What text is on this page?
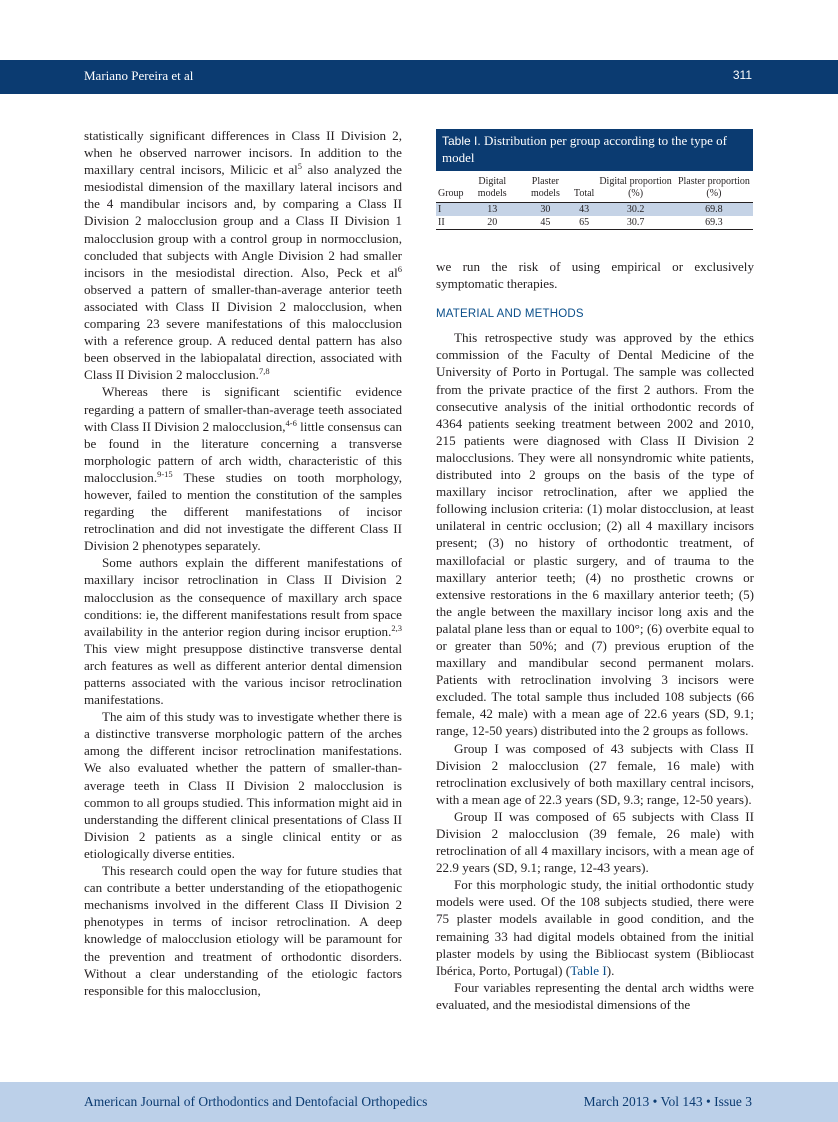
Mariano Pereira et al	311

statistically significant differences in Class II Division 2, when he observed narrower incisors. In addition to the maxillary central incisors, Milicic et $al^5$ also analyzed the mesiodistal dimension of the maxillary lateral incisors and the 4 mandibular incisors and, by comparing a Class II Division 2 malocclusion group and a Class II Division 1 malocclusion group with a control group in normocclusion, concluded that subjects with Angle Division 2 had smaller incisors in the mesiodistal direction. Also, Peck et $al^6$ observed a pattern of smaller-than-average anterior teeth associated with Class II Division 2 malocclusion, when comparing 23 severe manifestations of this malocclusion with a reference group. A reduced dental pattern has also been observed in the labiopalatal direction, associated with Class II Division 2 malocclusion.$^{7,8}$

Whereas there is significant scientific evidence regarding a pattern of smaller-than-average teeth associated with Class II Division 2 malocclusion,$^{4-6}$ little consensus can be found in the literature concerning a transverse morphologic pattern of arch width, characteristic of this malocclusion.$^{9-15}$ These studies on tooth morphology, however, failed to mention the constitution of the samples regarding the different manifestations of incisor retroclination and did not investigate the different Class II Division 2 phenotypes separately.

Some authors explain the different manifestations of maxillary incisor retroclination in Class II Division 2 malocclusion as the consequence of maxillary arch space conditions: ie, the different manifestations result from space availability in the anterior region during incisor eruption.$^{2,3}$ This view might presuppose distinctive transverse dental arch features as well as different anterior dental dimension patterns associated with the various incisor retroclination manifestations.

The aim of this study was to investigate whether there is a distinctive transverse morphologic pattern of the arches among the different incisor retroclination manifestations. We also evaluated whether the pattern of smaller-than-average teeth in Class II Division 2 malocclusion is common to all groups studied. This information might aid in understanding the different clinical presentations of Class II Division 2 patients as a single clinical entity or as etiologically diverse entities.

This research could open the way for future studies that can contribute a better understanding of the etiopathogenic mechanisms involved in the different Class II Division 2 phenotypes in terms of incisor retroclination. A deep knowledge of malocclusion etiology will be paramount for the prevention and treatment of orthodontic disorders. Without a clear understanding of the etiologic factors responsible for this malocclusion,

Table I. Distribution per group according to the type of model
Group	Digital models	Plaster models	Total	Digital proportion (%)	Plaster proportion (%)
I	13	30	43	30.2	69.8
II	20	45	65	30.7	69.3

we run the risk of using empirical or exclusively symptomatic therapies.

MATERIAL AND METHODS

This retrospective study was approved by the ethics commission of the Faculty of Dental Medicine of the University of Porto in Portugal. The sample was collected from the private practice of the first 2 authors. From the consecutive analysis of the initial orthodontic records of 4364 patients seeking treatment between 2002 and 2010, 215 patients were diagnosed with Class II Division 2 malocclusions. They were all nonsyndromic white patients, distributed into 2 groups on the basis of the type of maxillary incisor retroclination, after we applied the following inclusion criteria: (1) molar distocclusion, at least unilateral in centric occlusion; (2) all 4 maxillary incisors present; (3) no history of orthodontic treatment, of maxillofacial or plastic surgery, and of trauma to the maxillary anterior teeth; (4) no prosthetic crowns or extensive restorations in the 6 maxillary anterior teeth; (5) the angle between the maxillary incisor long axis and the palatal plane less than or equal to 100°; (6) overbite equal to or greater than 50%; and (7) previous eruption of the maxillary and mandibular second permanent molars. Patients with retroclination involving 3 incisors were excluded. The total sample thus included 108 subjects (66 female, 42 male) with a mean age of 22.6 years (SD, 9.1; range, 12-50 years) distributed into the 2 groups as follows.

Group I was composed of 43 subjects with Class II Division 2 malocclusion (27 female, 16 male) with retroclination exclusively of both maxillary central incisors, with a mean age of 22.3 years (SD, 9.3; range, 12-50 years).

Group II was composed of 65 subjects with Class II Division 2 malocclusion (39 female, 26 male) with retroclination of all 4 maxillary incisors, with a mean age of 22.9 years (SD, 9.1; range, 12-43 years).

For this morphologic study, the initial orthodontic study models were used. Of the 108 subjects studied, there were 75 plaster models available in good condition, and the remaining 33 had digital models obtained from the initial plaster models by using the Bibliocast system (Bibliocast Ibérica, Porto, Portugal) (Table I).

Four variables representing the dental arch widths were evaluated, and the mesiodistal dimensions of the

American Journal of Orthodontics and Dentofacial Orthopedics	March 2013 • Vol 143 • Issue 3
